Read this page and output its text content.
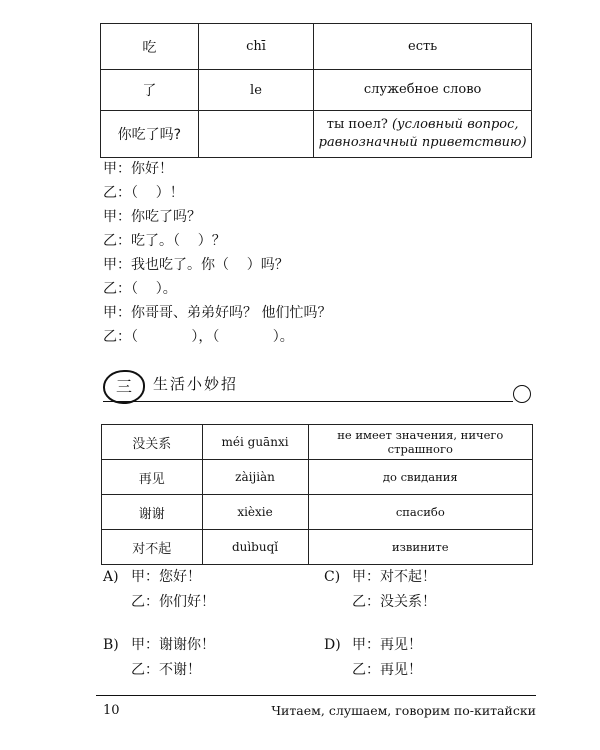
吃	chī	есть
了	le	служебное слово
你吃了吗?		ты поел? (условный вопрос, равнозначный приветствию)
甲：你好！
乙：（    ）！
甲：你吃了吗？
乙：吃了。（    ）？
甲：我也吃了。你（    ）吗？
乙：（    ）。
甲：你哥哥、弟弟好吗？ 他们忙吗？
乙：（            ），（            ）。
三	生活小妙招
没关系	méi guānxi	не имеет значения, ничего страшного
再见	zàijiàn	до свидания
谢谢	xièxie	спасибо
对不起	duìbuqǐ	извините
A) 甲：您好！
乙：你们好！
B) 甲：谢谢你！
乙：不谢！
C) 甲：对不起！
乙：没关系！
D) 甲：再见！
乙：再见！
10	Читаем, слушаем, говорим по-китайски
